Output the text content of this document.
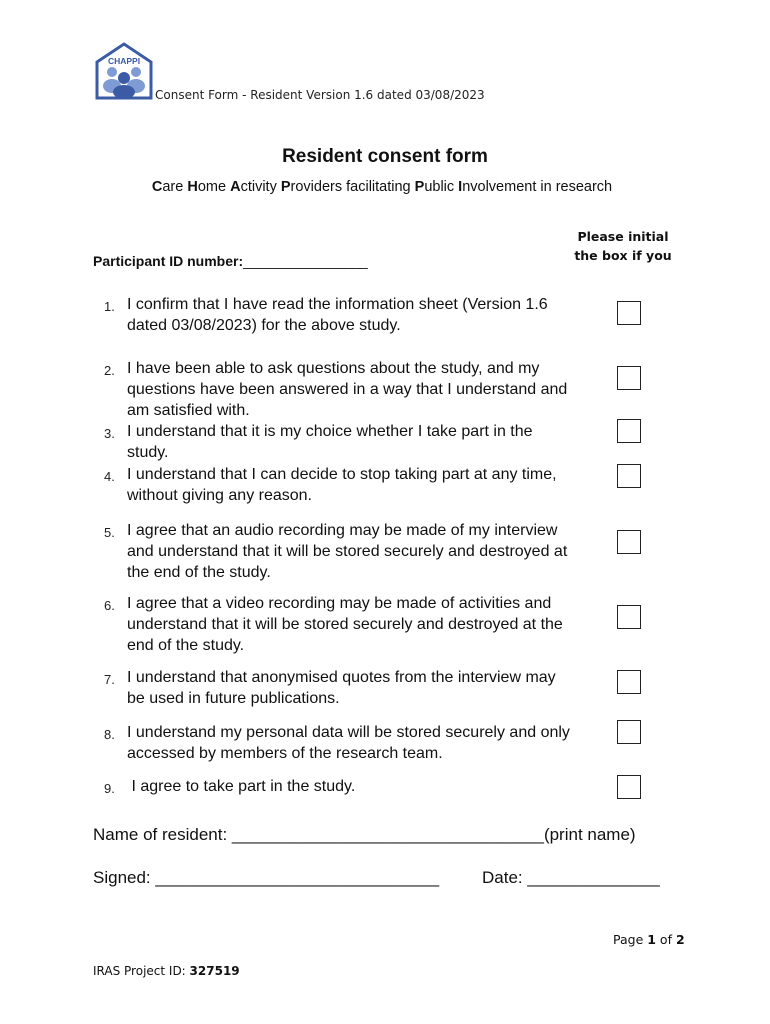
CHAPPI
Consent Form - Resident Version 1.6 dated 03/08/2023
Resident consent form
Care Home Activity Providers facilitating Public Involvement in research
Please initial
the box if you
Participant ID number:________________
1. I confirm that I have read the information sheet (Version 1.6 dated 03/08/2023) for the above study.
2. I have been able to ask questions about the study, and my questions have been answered in a way that I understand and am satisfied with.
3. I understand that it is my choice whether I take part in the study.
4. I understand that I can decide to stop taking part at any time, without giving any reason.
5. I agree that an audio recording may be made of my interview and understand that it will be stored securely and destroyed at the end of the study.
6. I agree that a video recording may be made of activities and understand that it will be stored securely and destroyed at the end of the study.
7. I understand that anonymised quotes from the interview may be used in future publications.
8. I understand my personal data will be stored securely and only accessed by members of the research team.
9. I agree to take part in the study.
Name of resident: _________________________________(print name)
Signed: ______________________________	Date: ______________
Page 1 of 2
IRAS Project ID: 327519
